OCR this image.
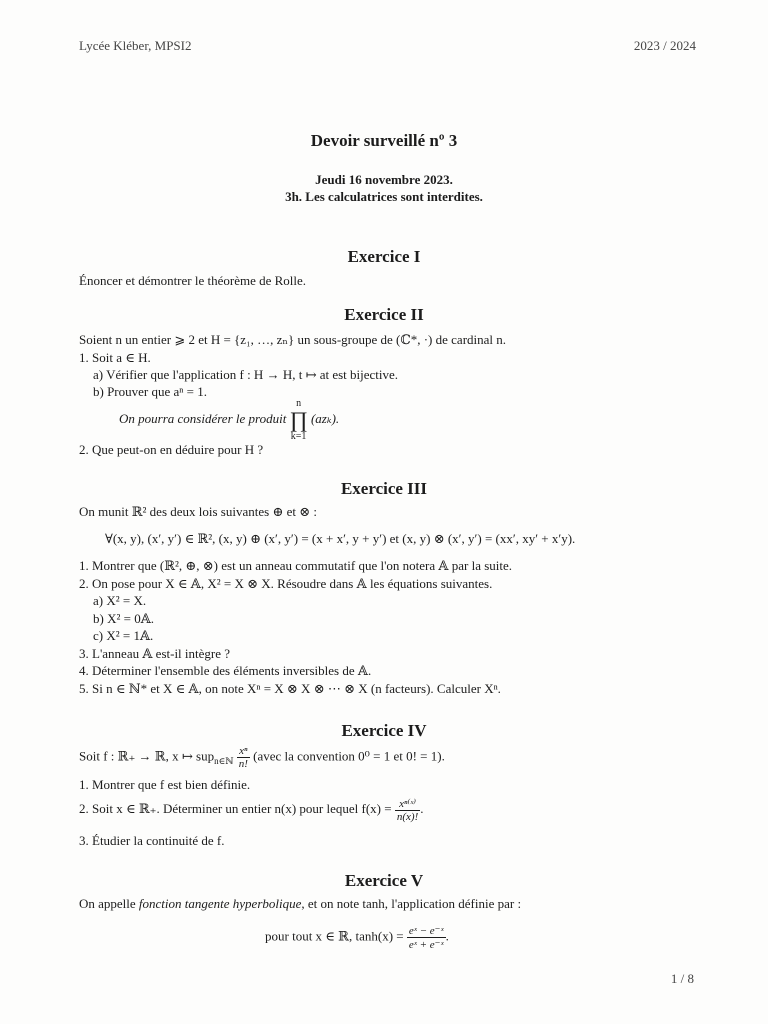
Lycée Kléber, MPSI2	2023 / 2024
Devoir surveillé nº 3
Jeudi 16 novembre 2023.
3h. Les calculatrices sont interdites.
Exercice I
Énoncer et démontrer le théorème de Rolle.
Exercice II
Soient n un entier ⩾ 2 et H = {z₁, …, zₙ} un sous-groupe de (ℂ*, ·) de cardinal n.
1. Soit a ∈ H.
a) Vérifier que l'application f : H → H, t ↦ at est bijective.
b) Prouver que aⁿ = 1.
On pourra considérer le produit n
∏
k=1 (azₖ).
2. Que peut-on en déduire pour H ?
Exercice III
On munit ℝ² des deux lois suivantes ⊕ et ⊗ :
∀(x, y), (x′, y′) ∈ ℝ², (x, y) ⊕ (x′, y′) = (x + x′, y + y′) et (x, y) ⊗ (x′, y′) = (xx′, xy′ + x′y).
1. Montrer que (ℝ², ⊕, ⊗) est un anneau commutatif que l'on notera 𝔸 par la suite.
2. On pose pour X ∈ 𝔸, X² = X ⊗ X. Résoudre dans 𝔸 les équations suivantes.
a) X² = X.
b) X² = 0𝔸.
c) X² = 1𝔸.
3. L'anneau 𝔸 est-il intègre ?
4. Déterminer l'ensemble des éléments inversibles de 𝔸.
5. Si n ∈ ℕ* et X ∈ 𝔸, on note Xⁿ = X ⊗ X ⊗ ⋯ ⊗ X (n facteurs). Calculer Xⁿ.
Exercice IV
Soit f : ℝ₊ → ℝ, x ↦ $sup_{n\in ℕ} \frac{\text{xⁿ}}{n!}$ (avec la convention 0⁰ = 1 et 0! = 1).
1. Montrer que f est bien définie.
2. Soit x ∈ ℝ₊. Déterminer un entier n(x) pour lequel $f(x) = \frac{\text{xⁿ⁽ˣ⁾}}{n(x)!}$ .
3. Étudier la continuité de f.
Exercice V
On appelle fonction tangente hyperbolique, et on note tanh, l'application définie par :
pour tout x ∈ ℝ, $\tanh(x) = \frac{\text{eˣ − e⁻ˣ}}{\text{eˣ + e⁻ˣ}}$ .
1 / 8
